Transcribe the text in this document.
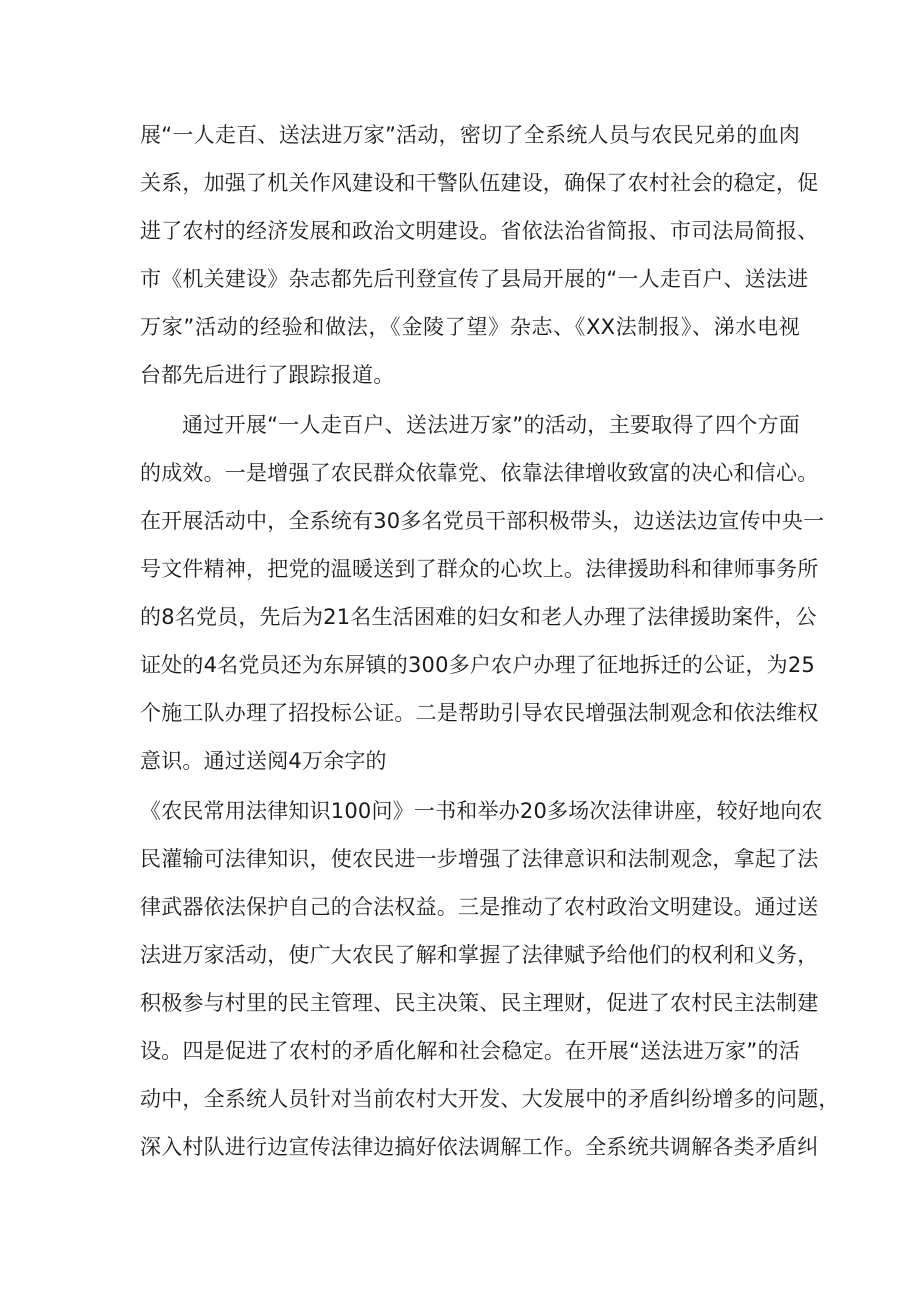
展“一人走百、送法进万家”活动，密切了全系统人员与农民兄弟的血肉
关系，加强了机关作风建设和干警队伍建设，确保了农村社会的稳定，促
进了农村的经济发展和政治文明建设。省依法治省简报、市司法局简报、
市《机关建设》杂志都先后刊登宣传了县局开展的“一人走百户、送法进
万家”活动的经验和做法，《金陵了望》杂志、《XX法制报》、涕水电视
台都先后进行了跟踪报道。
通过开展“一人走百户、送法进万家”的活动，主要取得了四个方面
的成效。一是增强了农民群众依靠党、依靠法律增收致富的决心和信心。
在开展活动中，全系统有30多名党员干部积极带头，边送法边宣传中央一
号文件精神，把党的温暖送到了群众的心坎上。法律援助科和律师事务所
的8名党员，先后为21名生活困难的妇女和老人办理了法律援助案件，公
证处的4名党员还为东屏镇的300多户农户办理了征地拆迁的公证，为25
个施工队办理了招投标公证。二是帮助引导农民增强法制观念和依法维权
意识。通过送阅4万余字的
《农民常用法律知识100问》一书和举办20多场次法律讲座，较好地向农
民灌输可法律知识，使农民进一步增强了法律意识和法制观念，拿起了法
律武器依法保护自己的合法权益。三是推动了农村政治文明建设。通过送
法进万家活动，使广大农民了解和掌握了法律赋予给他们的权利和义务，
积极参与村里的民主管理、民主决策、民主理财，促进了农村民主法制建
设。四是促进了农村的矛盾化解和社会稳定。在开展“送法进万家”的活
动中，全系统人员针对当前农村大开发、大发展中的矛盾纠纷增多的问题，
深入村队进行边宣传法律边搞好依法调解工作。全系统共调解各类矛盾纠
